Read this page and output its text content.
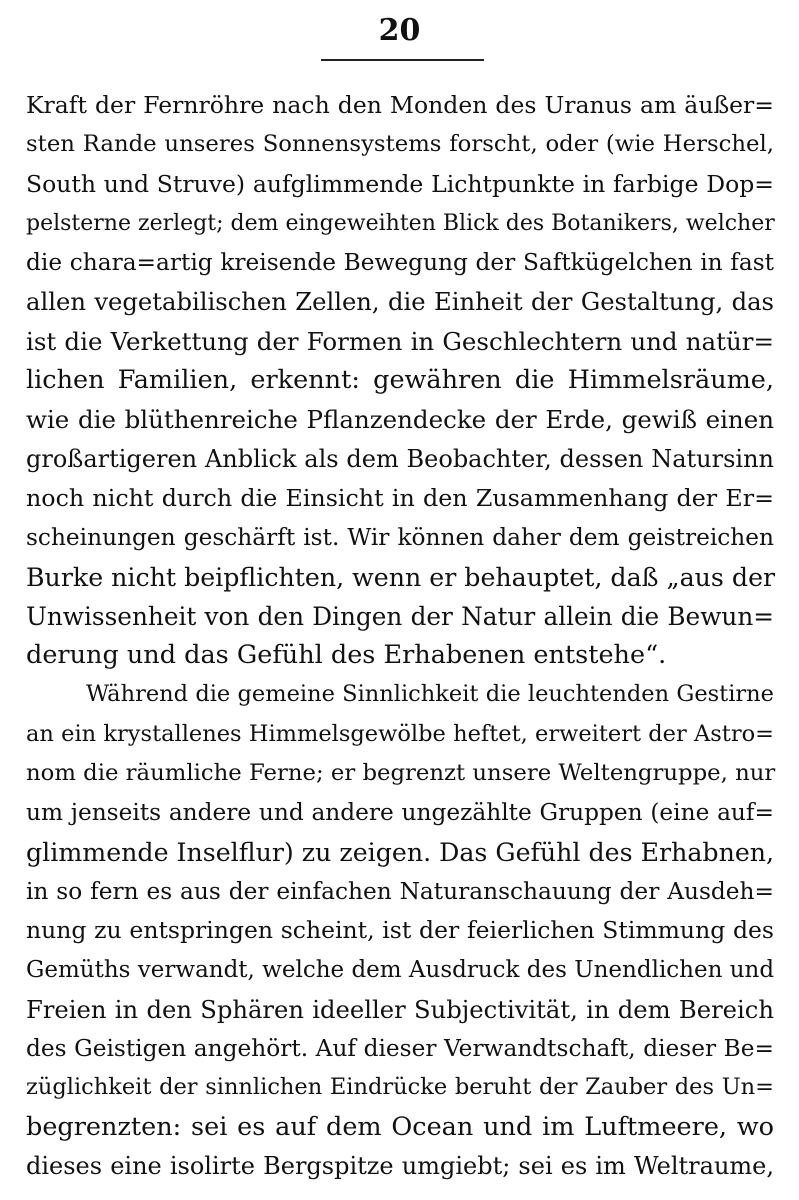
20
Kraft der Fernröhre nach den Monden des Uranus am äußer=
sten Rande unseres Sonnensystems forscht, oder (wie Herschel,
South und Struve) aufglimmende Lichtpunkte in farbige Dop=
pelsterne zerlegt; dem eingeweihten Blick des Botanikers, welcher
die chara=artig kreisende Bewegung der Saftkügelchen in fast
allen vegetabilischen Zellen, die Einheit der Gestaltung, das
ist die Verkettung der Formen in Geschlechtern und natür=
lichen Familien, erkennt: gewähren die Himmelsräume,
wie die blüthenreiche Pflanzendecke der Erde, gewiß einen
großartigeren Anblick als dem Beobachter, dessen Natursinn
noch nicht durch die Einsicht in den Zusammenhang der Er=
scheinungen geschärft ist. Wir können daher dem geistreichen
Burke nicht beipflichten, wenn er behauptet, daß „aus der
Unwissenheit von den Dingen der Natur allein die Bewun=
derung und das Gefühl des Erhabenen entstehe“.
Während die gemeine Sinnlichkeit die leuchtenden Gestirne
an ein krystallenes Himmelsgewölbe heftet, erweitert der Astro=
nom die räumliche Ferne; er begrenzt unsere Weltengruppe, nur
um jenseits andere und andere ungezählte Gruppen (eine auf=
glimmende Inselflur) zu zeigen. Das Gefühl des Erhabnen,
in so fern es aus der einfachen Naturanschauung der Ausdeh=
nung zu entspringen scheint, ist der feierlichen Stimmung des
Gemüths verwandt, welche dem Ausdruck des Unendlichen und
Freien in den Sphären ideeller Subjectivität, in dem Bereich
des Geistigen angehört. Auf dieser Verwandtschaft, dieser Be=
züglichkeit der sinnlichen Eindrücke beruht der Zauber des Un=
begrenzten: sei es auf dem Ocean und im Luftmeere, wo
dieses eine isolirte Bergspitze umgiebt; sei es im Weltraume,
